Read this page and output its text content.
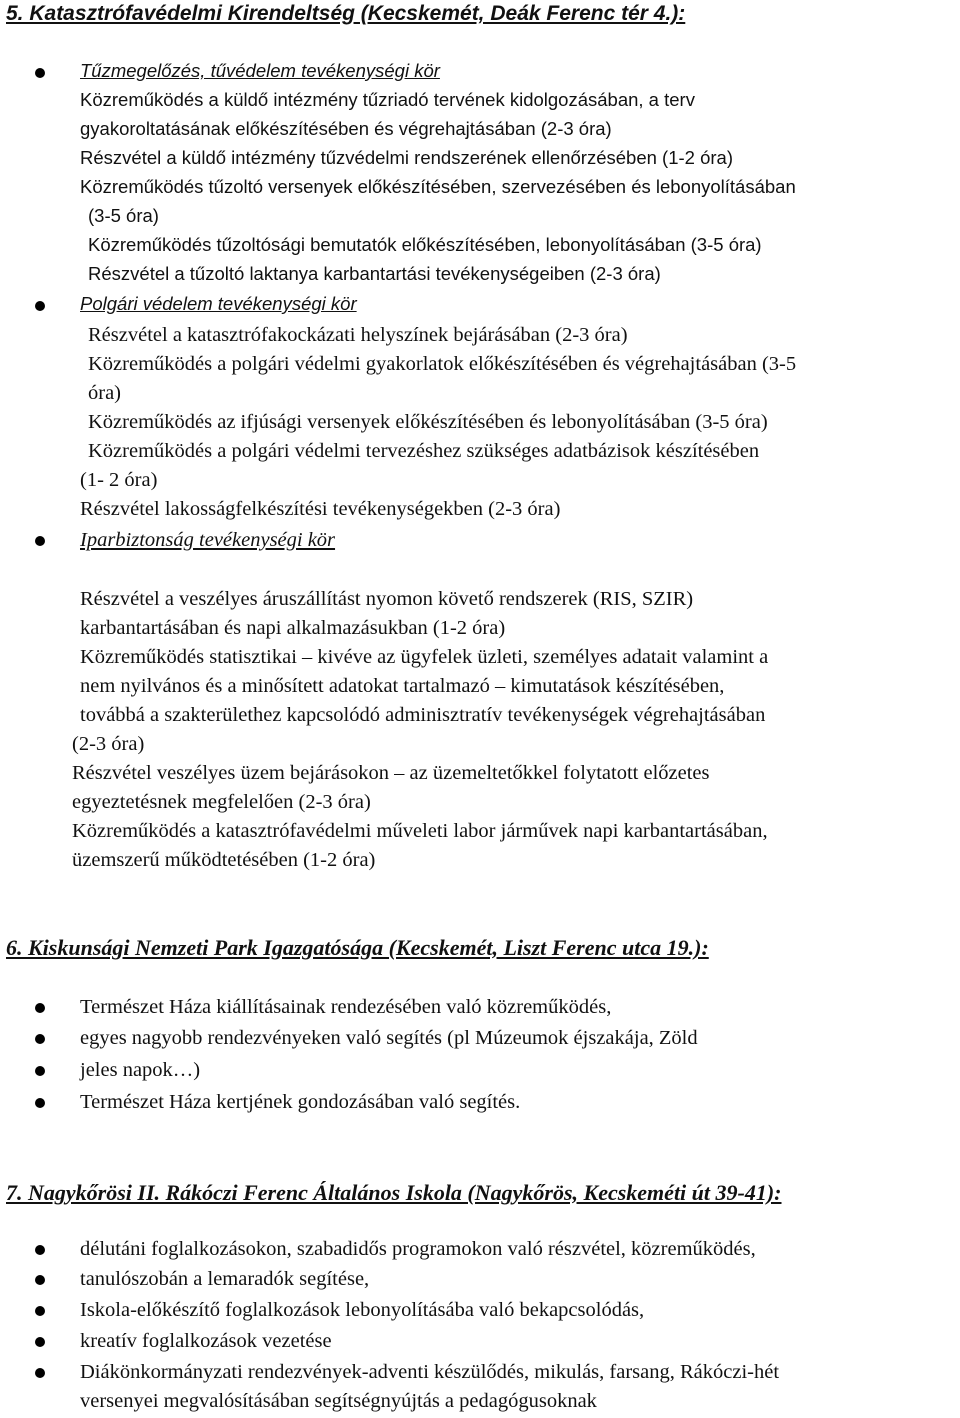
5. Katasztrófavédelmi Kirendeltség (Kecskemét, Deák Ferenc tér 4.):
Tűzmegelőzés, tűvédelem tevékenységi kör
Közreműködés a küldő intézmény tűzriadó tervének kidolgozásában, a terv
gyakoroltatásának előkészítésében és végrehajtásában (2-3 óra)
Részvétel a küldő intézmény tűzvédelmi rendszerének ellenőrzésében (1-2 óra)
Közreműködés tűzoltó versenyek előkészítésében, szervezésében és lebonyolításában
(3-5 óra)
Közreműködés tűzoltósági bemutatók előkészítésében, lebonyolításában (3-5 óra)
Részvétel a tűzoltó laktanya karbantartási tevékenységeiben (2-3 óra)
Polgári védelem tevékenységi kör
Részvétel a katasztrófakockázati helyszínek bejárásában (2-3 óra)
Közreműködés a polgári védelmi gyakorlatok előkészítésében és végrehajtásában (3-5
óra)
Közreműködés az ifjúsági versenyek előkészítésében és lebonyolításában (3-5 óra)
Közreműködés a polgári védelmi tervezéshez szükséges adatbázisok készítésében
(1- 2 óra)
Részvétel lakosságfelkészítési tevékenységekben (2-3 óra)
Iparbiztonság tevékenységi kör
Részvétel a veszélyes áruszállítást nyomon követő rendszerek (RIS, SZIR)
karbantartásában és napi alkalmazásukban (1-2 óra)
Közreműködés statisztikai – kivéve az ügyfelek üzleti, személyes adatait valamint a
nem nyilvános és a minősített adatokat tartalmazó – kimutatások készítésében,
továbbá a szakterülethez kapcsolódó adminisztratív tevékenységek végrehajtásában
(2-3 óra)
Részvétel veszélyes üzem bejárásokon – az üzemeltetőkkel folytatott előzetes
egyeztetésnek megfelelően (2-3 óra)
Közreműködés a katasztrófavédelmi műveleti labor járművek napi karbantartásában,
üzemszerű működtetésében (1-2 óra)
6. Kiskunsági Nemzeti Park Igazgatósága (Kecskemét, Liszt Ferenc utca 19.):
Természet Háza kiállításainak rendezésében való közreműködés,
egyes nagyobb rendezvényeken való segítés (pl Múzeumok éjszakája, Zöld
jeles napok…)
Természet Háza kertjének gondozásában való segítés.
7. Nagykőrösi II. Rákóczi Ferenc Általános Iskola (Nagykőrös, Kecskeméti út 39-41):
délutáni foglalkozásokon, szabadidős programokon való részvétel, közreműködés,
tanulószobán a lemaradók segítése,
Iskola-előkészítő foglalkozások lebonyolításába való bekapcsolódás,
kreatív foglalkozások vezetése
Diákönkormányzati rendezvények-adventi készülődés, mikulás, farsang, Rákóczi-hét
versenyei megvalósításában segítségnyújtás a pedagógusoknak
